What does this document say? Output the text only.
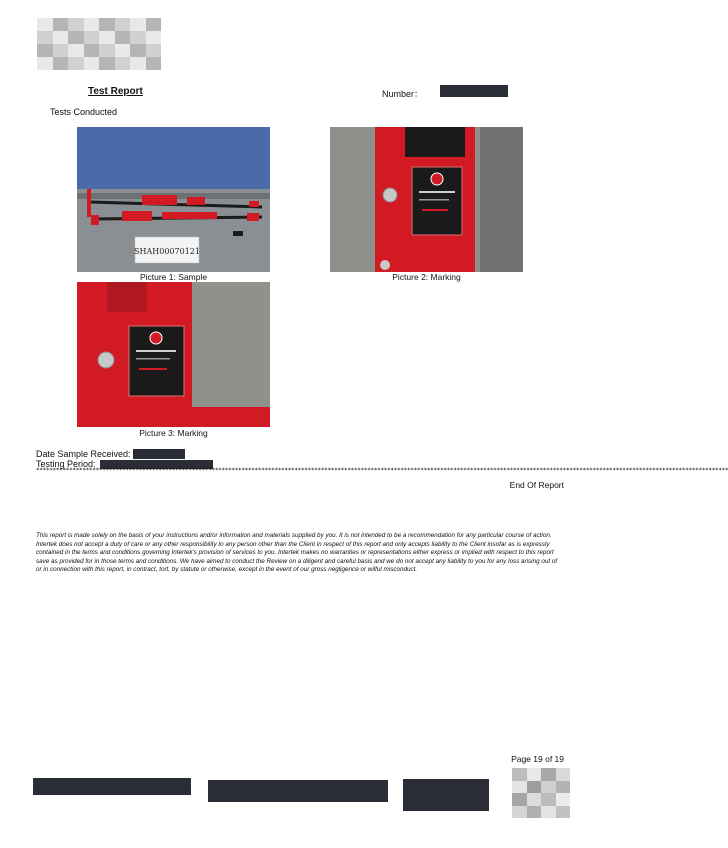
Test Report	Number：
Tests Conducted
SHAH00070121
Picture 1: Sample	Picture 2: Marking
Picture 3: Marking
Date Sample Received:
Testing Period:
*****************************************************************************************************************************************************************************************************************
End Of Report
This report is made solely on the basis of your instructions and/or information and materials supplied by you. It is not intended to be a recommendation for any particular course of action. Intertek does not accept a duty of care or any other responsibility to any person other than the Client in respect of this report and only accepts liability to the Client insofar as is expressly contained in the terms and conditions governing Intertek's provision of services to you. Intertek makes no warranties or representations either express or implied with respect to this report save as provided for in those terms and conditions. We have aimed to conduct the Review on a diligent and careful basis and we do not accept any liability to you for any loss arising out of or in connection with this report, in contract, tort, by statute or otherwise, except in the event of our gross negligence or wilful misconduct.
Page 19 of 19
